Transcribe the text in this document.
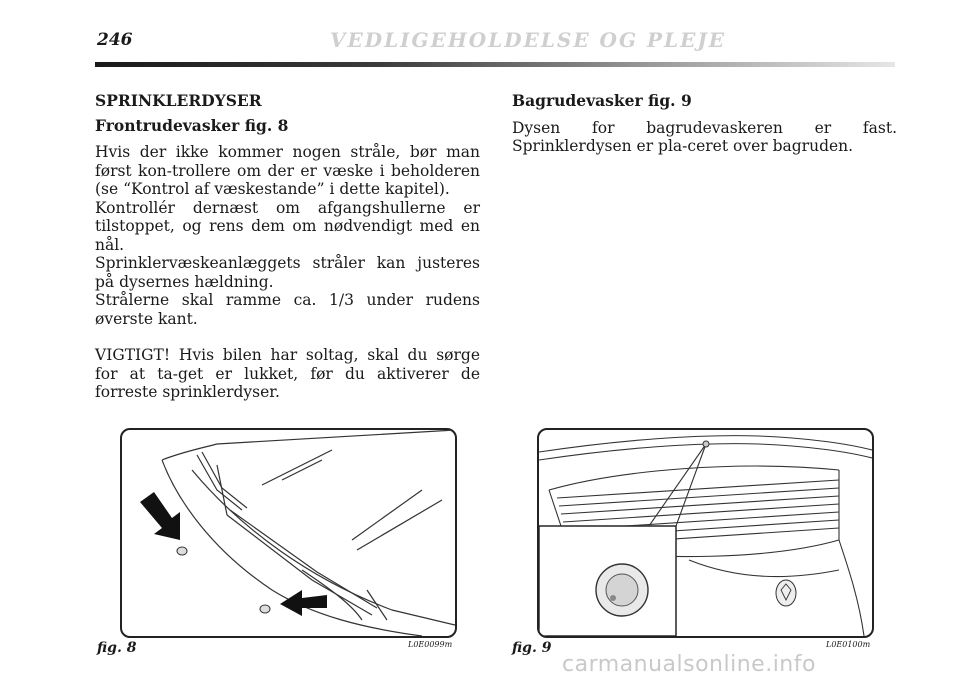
246	VEDLIGEHOLDELSE OG PLEJE
SPRINKLERDYSER
Frontrudevasker fig. 8

Hvis der ikke kommer nogen stråle, bør man først kon-trollere om der er væske i beholderen (se “Kontrol af væskestande” i dette kapitel).

Kontrollér dernæst om afgangshullerne er tilstoppet, og rens dem om nødvendigt med en nål.

Sprinklervæskeanlæggets stråler kan justeres på dysernes hældning.

Strålerne skal ramme ca. 1/3 under rudens øverste kant.

VIGTIGT! Hvis bilen har soltag, skal du sørge for at ta-get er lukket, før du aktiverer de forreste sprinklerdyser.

Bagrudevasker fig. 9

Dysen for bagrudevaskeren er fast. Sprinklerdysen er pla-ceret over bagruden.

fig. 8	L0E0099m	fig. 9	L0E0100m
carmanualsonline.info
